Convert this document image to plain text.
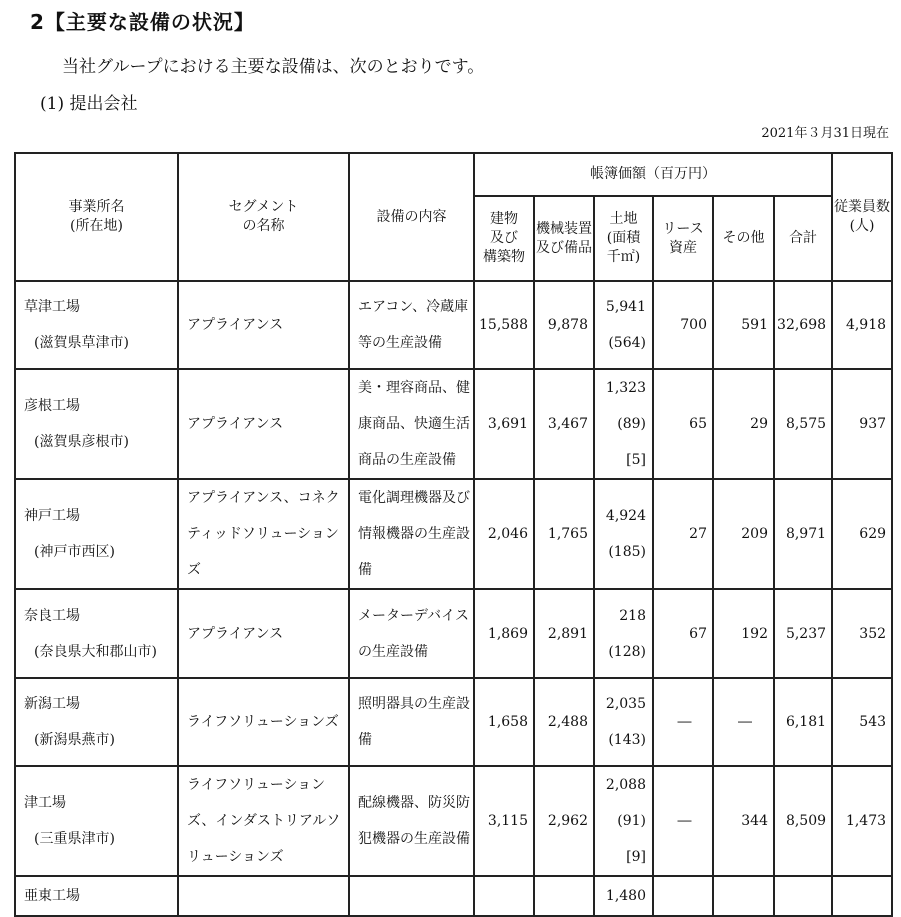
2【主要な設備の状況】
当社グループにおける主要な設備は、次のとおりです。
(1) 提出会社
2021年３月31日現在
事業所名
(所在地)	セグメント
の名称	設備の内容	帳簿価額（百万円）						従業員数
(人)

			建物
及び
構築物	機械装置
及び備品	土地
(面積
千㎡)	リース
資産	その他	合計	

草津工場
(滋賀県草津市)	アプライアンス	エアコン、冷蔵庫
等の生産設備	15,588	9,878	5,941
(564)	700	591	32,698	4,918

彦根工場
(滋賀県彦根市)	アプライアンス	美・理容商品、健
康商品、快適生活
商品の生産設備	3,691	3,467	1,323
(89)
[5]	65	29	8,575	937

神戸工場
(神戸市西区)	アプライアンス、コネク
ティッドソリューション
ズ	電化調理機器及び
情報機器の生産設
備	2,046	1,765	4,924
(185)	27	209	8,971	629

奈良工場
(奈良県大和郡山市)	アプライアンス	メーターデバイス
の生産設備	1,869	2,891	218
(128)	67	192	5,237	352

新潟工場
(新潟県燕市)	ライフソリューションズ	照明器具の生産設
備	1,658	2,488	2,035
(143)	―	―	6,181	543

津工場
(三重県津市)	ライフソリューション
ズ、インダストリアルソ
リューションズ	配線機器、防災防
犯機器の生産設備	3,115	2,962	2,088
(91)
[9]	―	344	8,509	1,473

亜東工場					1,480				
